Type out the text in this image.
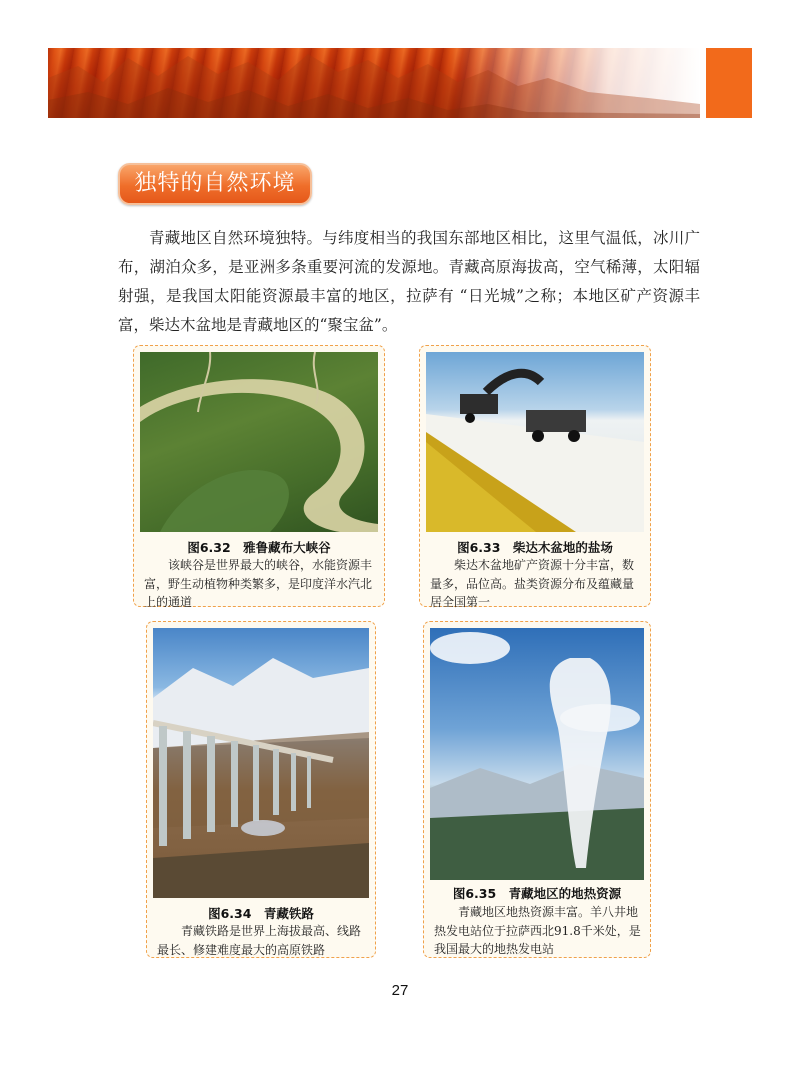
独特的自然环境

青藏地区自然环境独特。与纬度相当的我国东部地区相比，这里气温低，冰川广布，湖泊众多，是亚洲多条重要河流的发源地。青藏高原海拔高，空气稀薄，太阳辐射强，是我国太阳能资源最丰富的地区，拉萨有 “日光城”之称；本地区矿产资源丰富，柴达木盆地是青藏地区的“聚宝盆”。

图6.32　雅鲁藏布大峡谷
该峡谷是世界最大的峡谷，水能资源丰富，野生动植物种类繁多，是印度洋水汽北上的通道
图6.33　柴达木盆地的盐场
柴达木盆地矿产资源十分丰富，数量多，品位高。盐类资源分布及蕴藏量居全国第一
图6.34　青藏铁路
青藏铁路是世界上海拔最高、线路最长、修建难度最大的高原铁路
图6.35　青藏地区的地热资源
青藏地区地热资源丰富。羊八井地热发电站位于拉萨西北91.8千米处，是我国最大的地热发电站
27
